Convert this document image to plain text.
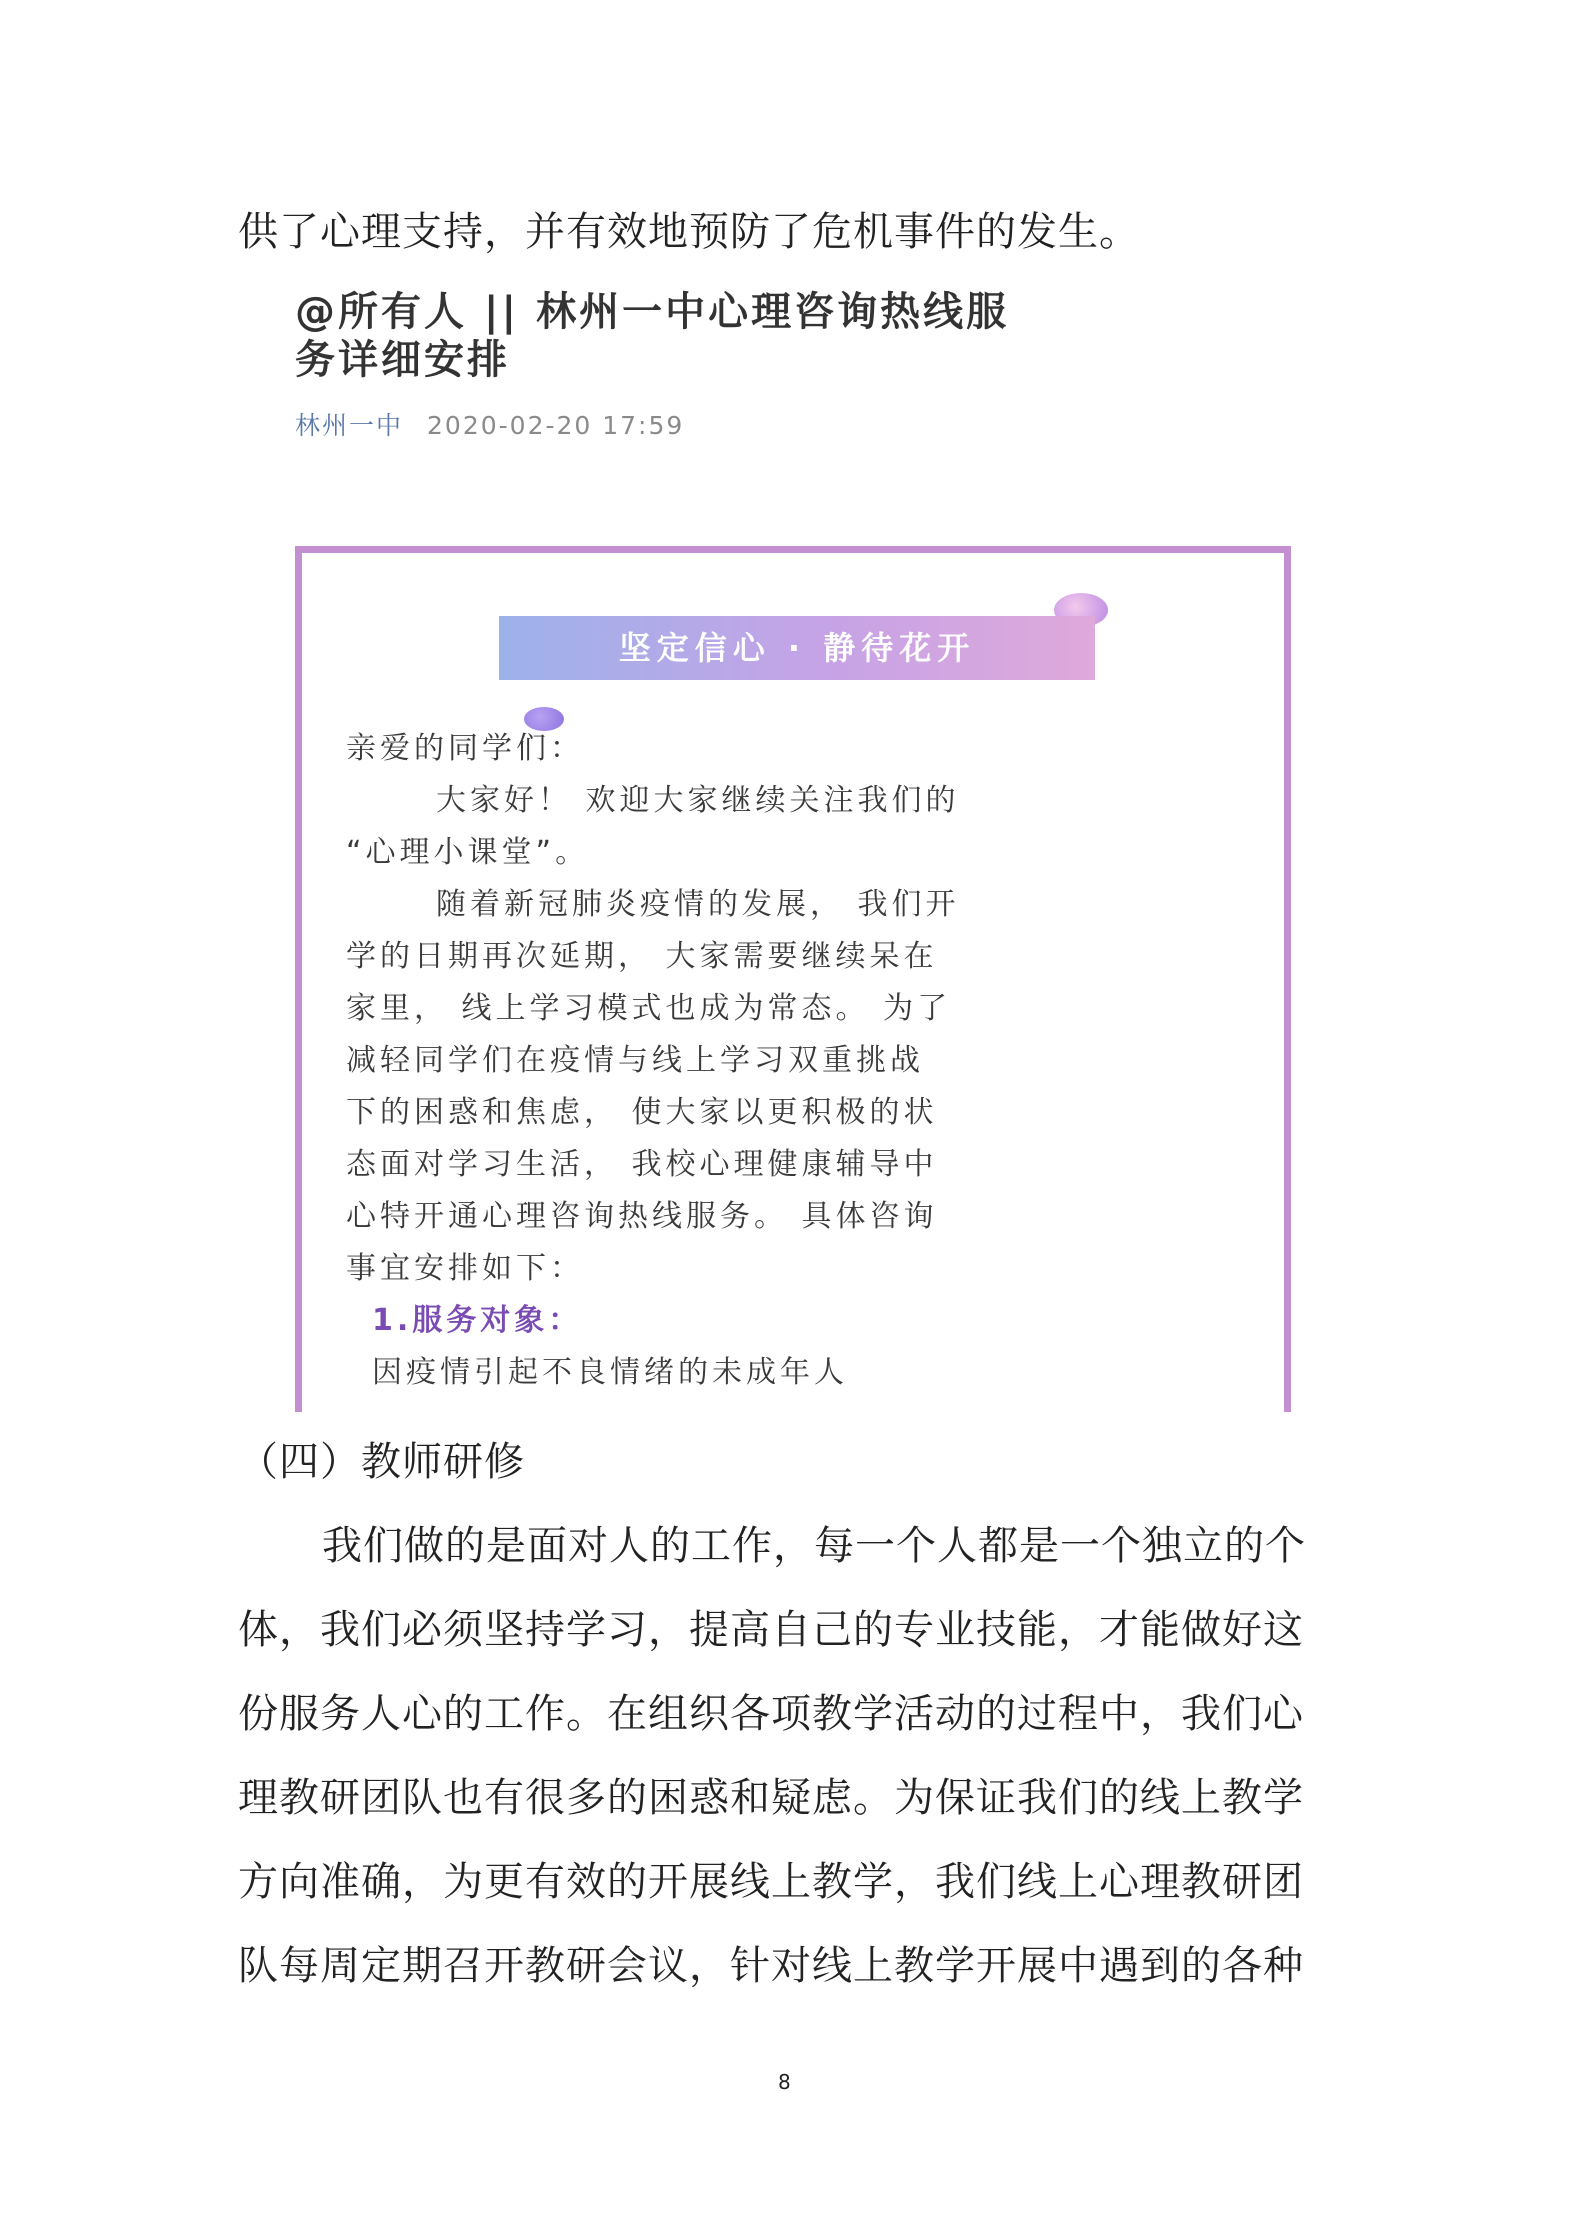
供了心理支持，并有效地预防了危机事件的发生。
@所有人 || 林州一中心理咨询热线服
务详细安排
林州一中 2020-02-20 17:59
坚定信心 · 静待花开
亲爱的同学们：
大家好！ 欢迎大家继续关注我们的
“心理小课堂”。
随着新冠肺炎疫情的发展， 我们开
学的日期再次延期， 大家需要继续呆在
家里， 线上学习模式也成为常态。 为了
减轻同学们在疫情与线上学习双重挑战
下的困惑和焦虑， 使大家以更积极的状
态面对学习生活， 我校心理健康辅导中
心特开通心理咨询热线服务。 具体咨询
事宜安排如下：
1.服务对象：
因疫情引起不良情绪的未成年人
（四）教师研修
我们做的是面对人的工作，每一个人都是一个独立的个
体，我们必须坚持学习，提高自己的专业技能，才能做好这
份服务人心的工作。在组织各项教学活动的过程中，我们心
理教研团队也有很多的困惑和疑虑。为保证我们的线上教学
方向准确，为更有效的开展线上教学，我们线上心理教研团
队每周定期召开教研会议，针对线上教学开展中遇到的各种
8
